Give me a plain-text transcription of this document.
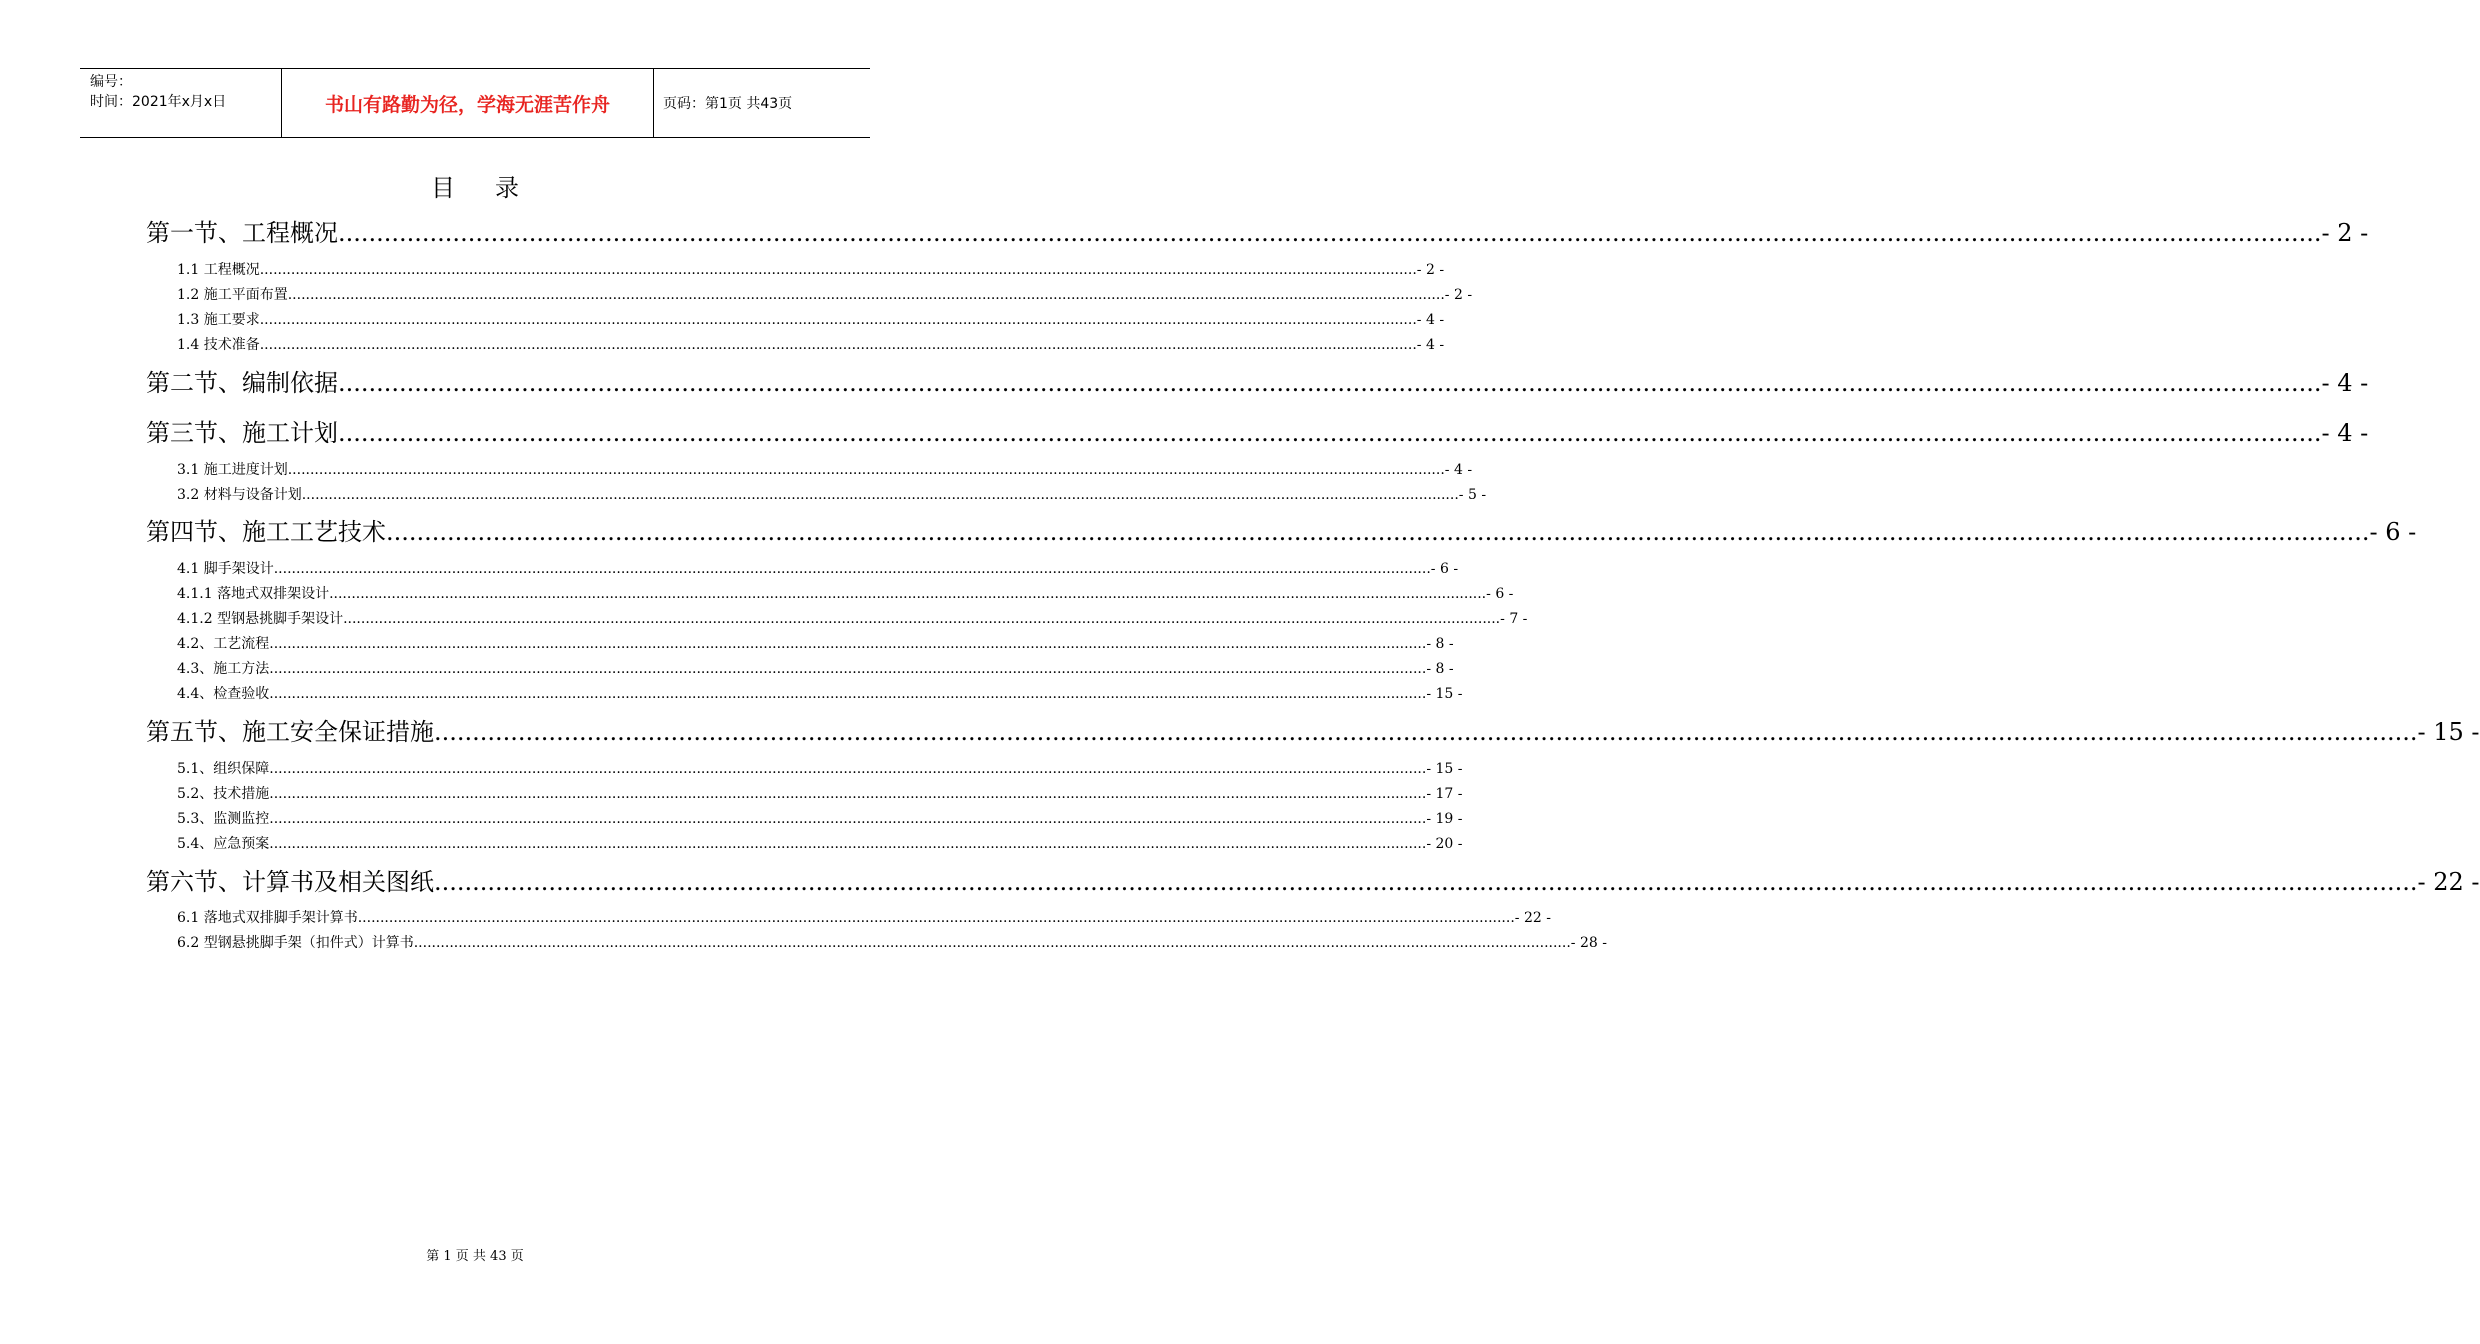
编号：
时间：2021年x月x日	书山有路勤为径，学海无涯苦作舟	页码：第1页 共43页
目录
第一节、工程概况 .................................................................................................................................................................................................................................................................... - 2 -
1.1 工程概况 .................................................................................................................................................................................................................................................................... - 2 -
1.2 施工平面布置 .................................................................................................................................................................................................................................................................... - 2 -
1.3 施工要求 .................................................................................................................................................................................................................................................................... - 4 -
1.4 技术准备 .................................................................................................................................................................................................................................................................... - 4 -
第二节、编制依据 .................................................................................................................................................................................................................................................................... - 4 -
第三节、施工计划 .................................................................................................................................................................................................................................................................... - 4 -
3.1 施工进度计划 .................................................................................................................................................................................................................................................................... - 4 -
3.2 材料与设备计划 .................................................................................................................................................................................................................................................................... - 5 -
第四节、施工工艺技术 .................................................................................................................................................................................................................................................................... - 6 -
4.1 脚手架设计 .................................................................................................................................................................................................................................................................... - 6 -
4.1.1 落地式双排架设计 .................................................................................................................................................................................................................................................................... - 6 -
4.1.2 型钢悬挑脚手架设计 .................................................................................................................................................................................................................................................................... - 7 -
4.2、工艺流程 .................................................................................................................................................................................................................................................................... - 8 -
4.3、施工方法 .................................................................................................................................................................................................................................................................... - 8 -
4.4、检查验收 .................................................................................................................................................................................................................................................................... - 15 -
第五节、施工安全保证措施 .................................................................................................................................................................................................................................................................... - 15 -
5.1、组织保障 .................................................................................................................................................................................................................................................................... - 15 -
5.2、技术措施 .................................................................................................................................................................................................................................................................... - 17 -
5.3、监测监控 .................................................................................................................................................................................................................................................................... - 19 -
5.4、应急预案 .................................................................................................................................................................................................................................................................... - 20 -
第六节、计算书及相关图纸 .................................................................................................................................................................................................................................................................... - 22 -
6.1 落地式双排脚手架计算书 .................................................................................................................................................................................................................................................................... - 22 -
6.2 型钢悬挑脚手架（扣件式）计算书 .................................................................................................................................................................................................................................................................... - 28 -
第 1 页 共 43 页
